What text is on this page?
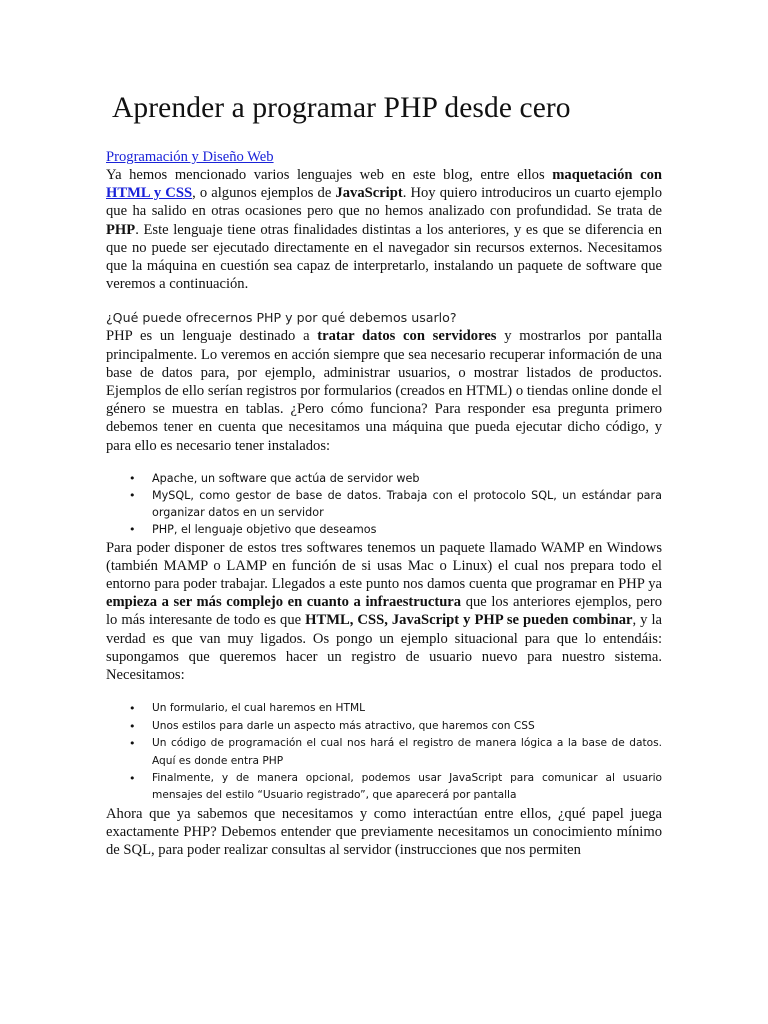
Aprender a programar PHP desde cero
Programación y Diseño Web

Ya hemos mencionado varios lenguajes web en este blog, entre ellos maquetación con HTML y CSS, o algunos ejemplos de JavaScript. Hoy quiero introduciros un cuarto ejemplo que ha salido en otras ocasiones pero que no hemos analizado con profundidad. Se trata de PHP. Este lenguaje tiene otras finalidades distintas a los anteriores, y es que se diferencia en que no puede ser ejecutado directamente en el navegador sin recursos externos. Necesitamos que la máquina en cuestión sea capaz de interpretarlo, instalando un paquete de software que veremos a continuación.

¿Qué puede ofrecernos PHP y por qué debemos usarlo?

PHP es un lenguaje destinado a tratar datos con servidores y mostrarlos por pantalla principalmente. Lo veremos en acción siempre que sea necesario recuperar información de una base de datos para, por ejemplo, administrar usuarios, o mostrar listados de productos. Ejemplos de ello serían registros por formularios (creados en HTML) o tiendas online donde el género se muestra en tablas. ¿Pero cómo funciona? Para responder esa pregunta primero debemos tener en cuenta que necesitamos una máquina que pueda ejecutar dicho código, y para ello es necesario tener instalados:

• Apache, un software que actúa de servidor web
• MySQL, como gestor de base de datos. Trabaja con el protocolo SQL, un estándar para organizar datos en un servidor
• PHP, el lenguaje objetivo que deseamos

Para poder disponer de estos tres softwares tenemos un paquete llamado WAMP en Windows (también MAMP o LAMP en función de si usas Mac o Linux) el cual nos prepara todo el entorno para poder trabajar. Llegados a este punto nos damos cuenta que programar en PHP ya empieza a ser más complejo en cuanto a infraestructura que los anteriores ejemplos, pero lo más interesante de todo es que HTML, CSS, JavaScript y PHP se pueden combinar, y la verdad es que van muy ligados. Os pongo un ejemplo situacional para que lo entendáis: supongamos que queremos hacer un registro de usuario nuevo para nuestro sistema. Necesitamos:

• Un formulario, el cual haremos en HTML
• Unos estilos para darle un aspecto más atractivo, que haremos con CSS
• Un código de programación el cual nos hará el registro de manera lógica a la base de datos. Aquí es donde entra PHP
• Finalmente, y de manera opcional, podemos usar JavaScript para comunicar al usuario mensajes del estilo “Usuario registrado”, que aparecerá por pantalla

Ahora que ya sabemos que necesitamos y como interactúan entre ellos, ¿qué papel juega exactamente PHP? Debemos entender que previamente necesitamos un conocimiento mínimo de SQL, para poder realizar consultas al servidor (instrucciones que nos permiten
